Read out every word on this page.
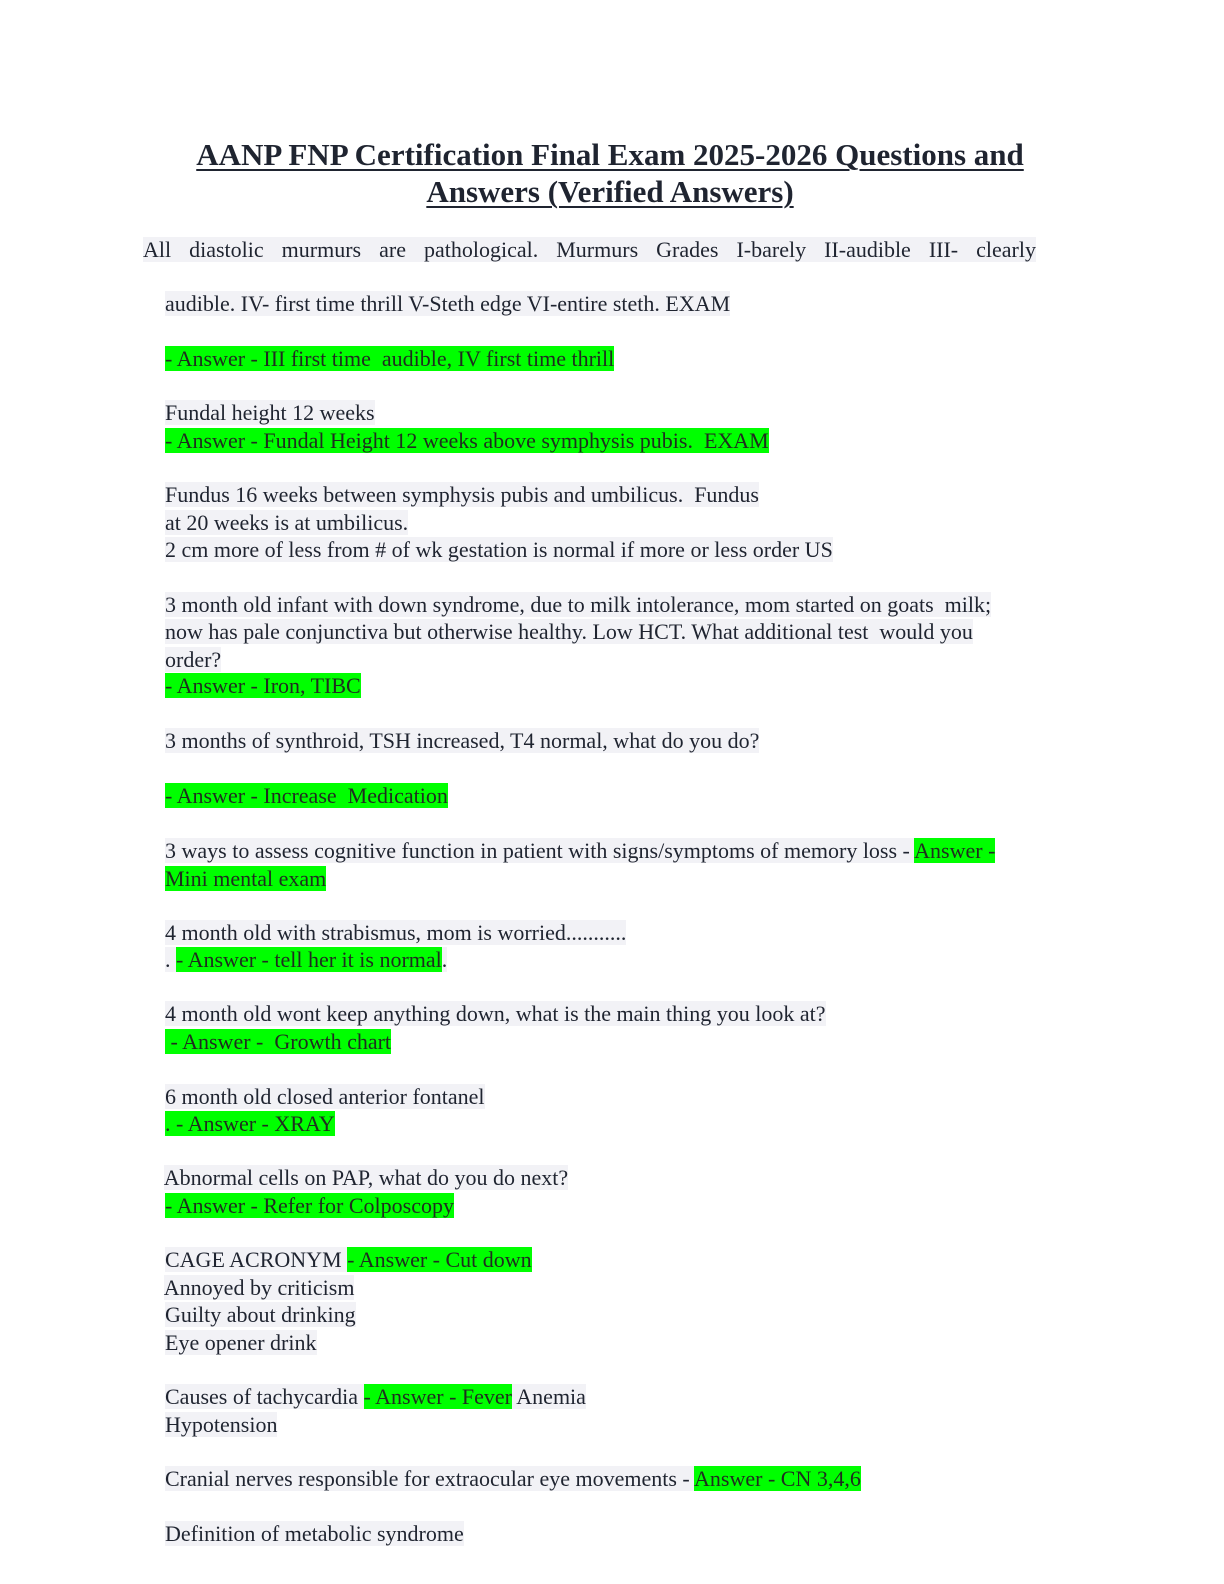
AANP FNP Certification Final Exam 2025-2026 Questions and
Answers (Verified Answers)
All diastolic murmurs are pathological. Murmurs Grades I-barely II-audible III- clearly

audible. IV- first time thrill V-Steth edge VI-entire steth. EXAM

- Answer - III first time  audible, IV first time thrill

Fundal height 12 weeks

- Answer - Fundal Height 12 weeks above symphysis pubis.  EXAM

Fundus 16 weeks between symphysis pubis and umbilicus.  Fundus

at 20 weeks is at umbilicus.

2 cm more of less from # of wk gestation is normal if more or less order US

3 month old infant with down syndrome, due to milk intolerance, mom started on goats  milk;

now has pale conjunctiva but otherwise healthy. Low HCT. What additional test  would you

order?

- Answer - Iron, TIBC

3 months of synthroid, TSH increased, T4 normal, what do you do?

- Answer - Increase  Medication

3 ways to assess cognitive function in patient with signs/symptoms of memory loss - Answer -

Mini mental exam

4 month old with strabismus, mom is worried...........

. - Answer - tell her it is normal.

4 month old wont keep anything down, what is the main thing you look at?

- Answer -  Growth chart

6 month old closed anterior fontanel

. - Answer - XRAY

Abnormal cells on PAP, what do you do next?

- Answer - Refer for Colposcopy

CAGE ACRONYM - Answer - Cut down

Annoyed by criticism

Guilty about drinking

Eye opener drink

Causes of tachycardia - Answer - Fever Anemia

Hypotension

Cranial nerves responsible for extraocular eye movements - Answer - CN 3,4,6

Definition of metabolic syndrome
